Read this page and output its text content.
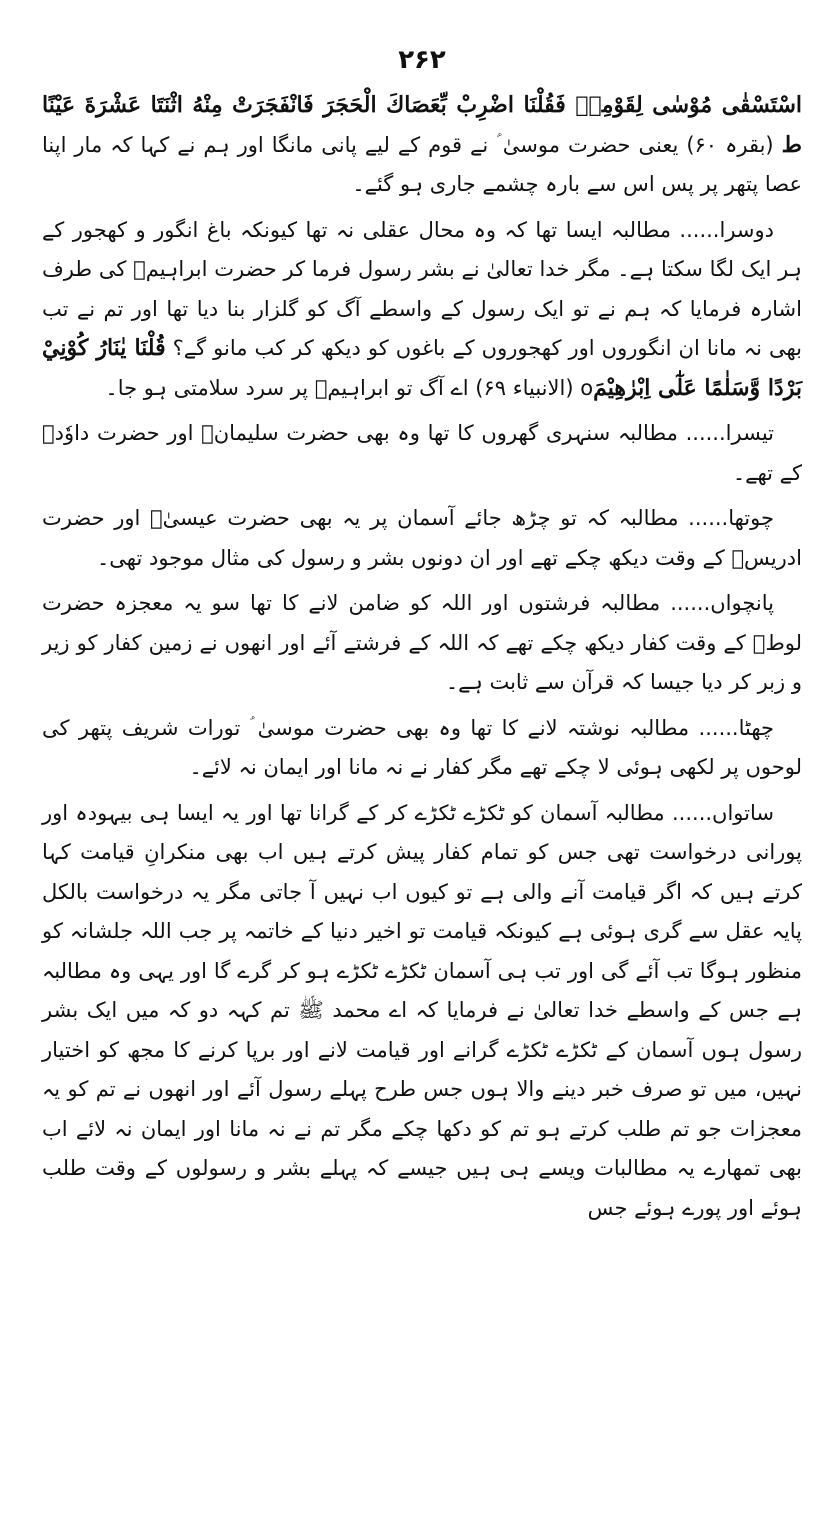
۲۶۲

اسْتَسْقٰى مُوْسٰى لِقَوْمِهٖ فَقُلْنَا اضْرِبْ بِّعَصَاكَ الْحَجَرَ فَانْفَجَرَتْ مِنْهُ اثْنَتَا عَشْرَةَ عَيْنًا ط (بقرہ ۶۰) یعنی حضرت موسیٰ ؑ نے قوم کے لیے پانی مانگا اور ہم نے کہا کہ مار اپنا عصا پتھر پر پس اس سے بارہ چشمے جاری ہو گئے۔

دوسرا...... مطالبہ ایسا تھا کہ وہ محال عقلی نہ تھا کیونکہ باغ انگور و کھجور کے ہر ایک لگا سکتا ہے۔ مگر خدا تعالیٰ نے بشر رسول فرما کر حضرت ابراہیمؑ کی طرف اشارہ فرمایا کہ ہم نے تو ایک رسول کے واسطے آگ کو گلزار بنا دیا تھا اور تم نے تب بھی نہ مانا ان انگوروں اور کھجوروں کے باغوں کو دیکھ کر کب مانو گے؟ قُلْنَا يٰنَارُ كُوْنِيْ بَرْدًا وَّسَلٰمًا عَلٰٓى اِبْرٰهِيْمَo (الانبیاء ۶۹) اے آگ تو ابراہیمؑ پر سرد سلامتی ہو جا۔

تیسرا...... مطالبہ سنہری گھروں کا تھا وہ بھی حضرت سلیمانؑ اور حضرت داوٗدؑ کے تھے۔

چوتھا...... مطالبہ کہ تو چڑھ جائے آسمان پر یہ بھی حضرت عیسیٰؑ اور حضرت ادریسؑ کے وقت دیکھ چکے تھے اور ان دونوں بشر و رسول کی مثال موجود تھی۔

پانچواں...... مطالبہ فرشتوں اور اللہ کو ضامن لانے کا تھا سو یہ معجزہ حضرت لوطؑ کے وقت کفار دیکھ چکے تھے کہ اللہ کے فرشتے آئے اور انھوں نے زمین کفار کو زیر و زبر کر دیا جیسا کہ قرآن سے ثابت ہے۔

چھٹا...... مطالبہ نوشتہ لانے کا تھا وہ بھی حضرت موسیٰ ؑ تورات شریف پتھر کی لوحوں پر لکھی ہوئی لا چکے تھے مگر کفار نے نہ مانا اور ایمان نہ لائے۔

ساتواں...... مطالبہ آسمان کو ٹکڑے ٹکڑے کر کے گرانا تھا اور یہ ایسا ہی بیہودہ اور پورانی درخواست تھی جس کو تمام کفار پیش کرتے ہیں اب بھی منکرانِ قیامت کہا کرتے ہیں کہ اگر قیامت آنے والی ہے تو کیوں اب نہیں آ جاتی مگر یہ درخواست بالکل پایہ عقل سے گری ہوئی ہے کیونکہ قیامت تو اخیر دنیا کے خاتمہ پر جب اللہ جلشانہ کو منظور ہوگا تب آئے گی اور تب ہی آسمان ٹکڑے ٹکڑے ہو کر گرے گا اور یہی وہ مطالبہ ہے جس کے واسطے خدا تعالیٰ نے فرمایا کہ اے محمد ﷺ تم کہہ دو کہ میں ایک بشر رسول ہوں آسمان کے ٹکڑے ٹکڑے گرانے اور قیامت لانے اور برپا کرنے کا مجھ کو اختیار نہیں، میں تو صرف خبر دینے والا ہوں جس طرح پہلے رسول آئے اور انھوں نے تم کو یہ معجزات جو تم طلب کرتے ہو تم کو دکھا چکے مگر تم نے نہ مانا اور ایمان نہ لائے اب بھی تمھارے یہ مطالبات ویسے ہی ہیں جیسے کہ پہلے بشر و رسولوں کے وقت طلب ہوئے اور پورے ہوئے جس
